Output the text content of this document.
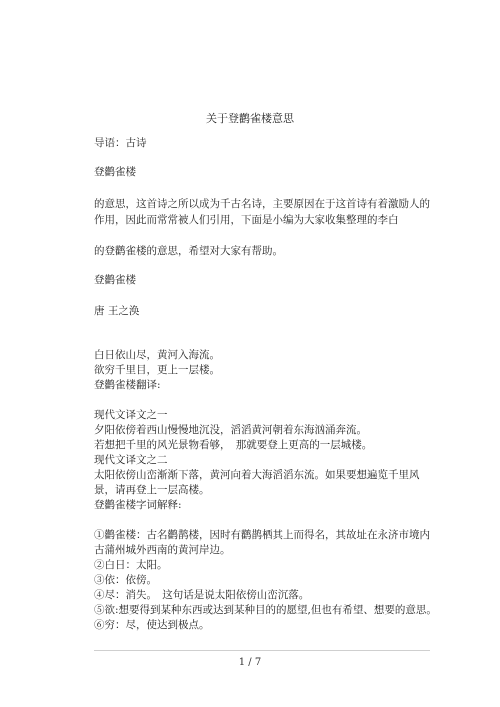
关于登鹳雀楼意思
导语：古诗
登鹳雀楼
的意思，这首诗之所以成为千古名诗，主要原因在于这首诗有着激励人的作用，因此而常常被人们引用，下面是小编为大家收集整理的李白
的登鹳雀楼的意思，希望对大家有帮助。
登鹳雀楼
唐 王之涣
白日依山尽，黄河入海流。
欲穷千里目，更上一层楼。
登鹳雀楼翻译:
现代文译文之一
夕阳依傍着西山慢慢地沉没，滔滔黄河朝着东海汹涌奔流。
若想把千里的风光景物看够，　那就要登上更高的一层城楼。
现代文译文之二
太阳依傍山峦渐渐下落，黄河向着大海滔滔东流。如果要想遍览千里风景，请再登上一层高楼。
登鹳雀楼字词解释:
①鹳雀楼：古名鹳鹊楼，因时有鹳鹊栖其上而得名，其故址在永济市境内古蒲州城外西南的黄河岸边。
②白日：太阳。
③依：依傍。
④尽：消失。　这句话是说太阳依傍山峦沉落。
⑤欲:想要得到某种东西或达到某种目的的愿望,但也有希望、想要的意思。
⑥穷：尽，使达到极点。
1 / 7
